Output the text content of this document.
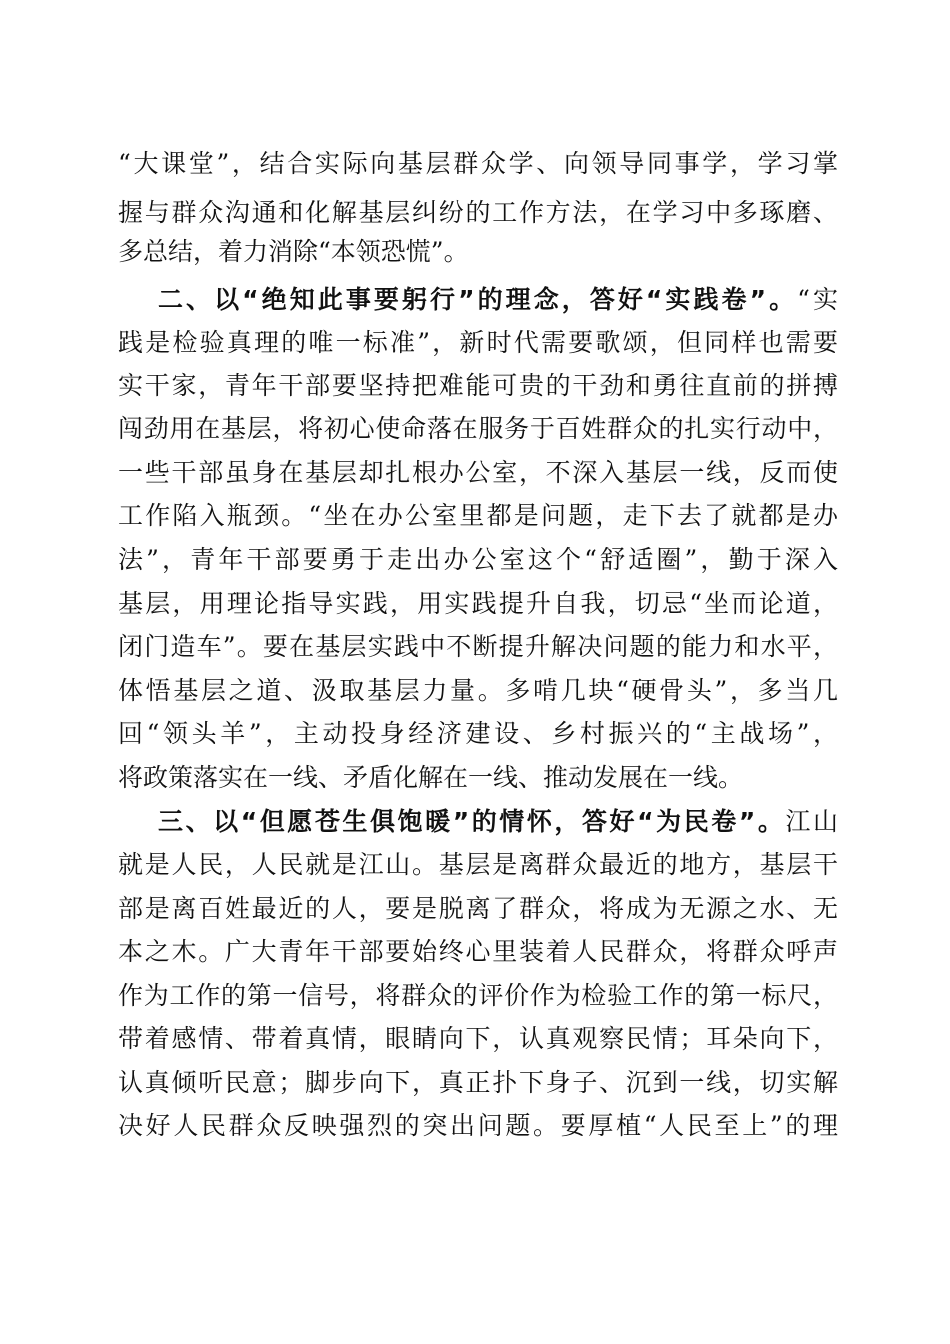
“大课堂”，结合实际向基层群众学、向领导同事学，学习掌
握与群众沟通和化解基层纠纷的工作方法，在学习中多琢磨、
多总结，着力消除“本领恐慌”。
二、以“绝知此事要躬行”的理念，答好“实践卷”。“实
践是检验真理的唯一标准”，新时代需要歌颂，但同样也需要
实干家，青年干部要坚持把难能可贵的干劲和勇往直前的拼搏
闯劲用在基层，将初心使命落在服务于百姓群众的扎实行动中，
一些干部虽身在基层却扎根办公室，不深入基层一线，反而使
工作陷入瓶颈。“坐在办公室里都是问题，走下去了就都是办
法”，青年干部要勇于走出办公室这个“舒适圈”，勤于深入
基层，用理论指导实践，用实践提升自我，切忌“坐而论道，
闭门造车”。要在基层实践中不断提升解决问题的能力和水平，
体悟基层之道、汲取基层力量。多啃几块“硬骨头”，多当几
回“领头羊”，主动投身经济建设、乡村振兴的“主战场”，
将政策落实在一线、矛盾化解在一线、推动发展在一线。
三、以“但愿苍生俱饱暖”的情怀，答好“为民卷”。江山
就是人民，人民就是江山。基层是离群众最近的地方，基层干
部是离百姓最近的人，要是脱离了群众，将成为无源之水、无
本之木。广大青年干部要始终心里装着人民群众，将群众呼声
作为工作的第一信号，将群众的评价作为检验工作的第一标尺，
带着感情、带着真情，眼睛向下，认真观察民情；耳朵向下，
认真倾听民意；脚步向下，真正扑下身子、沉到一线，切实解
决好人民群众反映强烈的突出问题。要厚植“人民至上”的理
